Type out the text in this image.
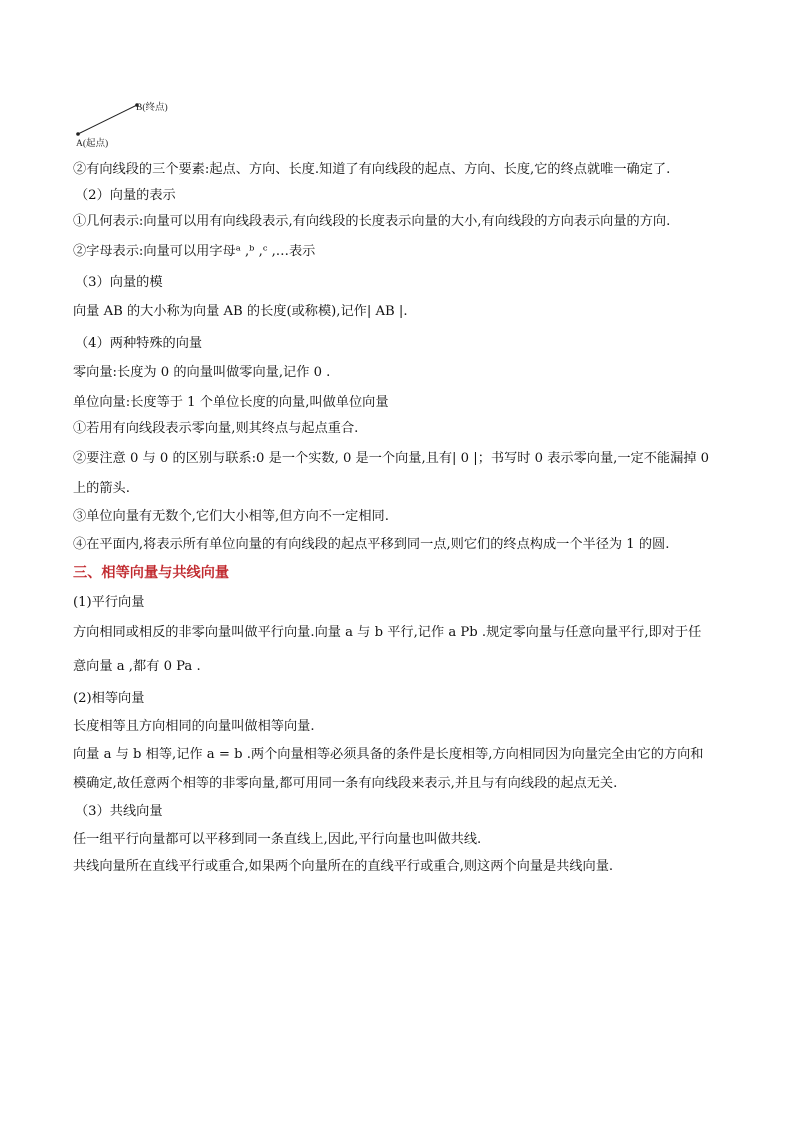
B(终点)
A(起点)
②有向线段的三个要素:起点、方向、长度.知道了有向线段的起点、方向、长度,它的终点就唯一确定了.
（2）向量的表示
①几何表示:向量可以用有向线段表示,有向线段的长度表示向量的大小,有向线段的方向表示向量的方向.
②字母表示:向量可以用字母ᵃ ,ᵇ ,ᶜ ,…表示
（3）向量的模
向量 AB 的大小称为向量 AB 的长度(或称模),记作| AB |.
（4）两种特殊的向量
零向量:长度为 0 的向量叫做零向量,记作 0 .
单位向量:长度等于 1 个单位长度的向量,叫做单位向量
①若用有向线段表示零向量,则其终点与起点重合.
②要注意 0 与 0 的区别与联系:0 是一个实数, 0 是一个向量,且有| 0 |；书写时 0 表示零向量,一定不能漏掉 0
上的箭头.
③单位向量有无数个,它们大小相等,但方向不一定相同.
④在平面内,将表示所有单位向量的有向线段的起点平移到同一点,则它们的终点构成一个半径为 1 的圆.
三、相等向量与共线向量
(1)平行向量
方向相同或相反的非零向量叫做平行向量.向量 a 与 b 平行,记作 a Pb .规定零向量与任意向量平行,即对于任
意向量 a ,都有 0 Pa .
(2)相等向量
长度相等且方向相同的向量叫做相等向量.
向量 a 与 b 相等,记作 a = b .两个向量相等必须具备的条件是长度相等,方向相同因为向量完全由它的方向和
模确定,故任意两个相等的非零向量,都可用同一条有向线段来表示,并且与有向线段的起点无关.
（3）共线向量
任一组平行向量都可以平移到同一条直线上,因此,平行向量也叫做共线.
共线向量所在直线平行或重合,如果两个向量所在的直线平行或重合,则这两个向量是共线向量.
